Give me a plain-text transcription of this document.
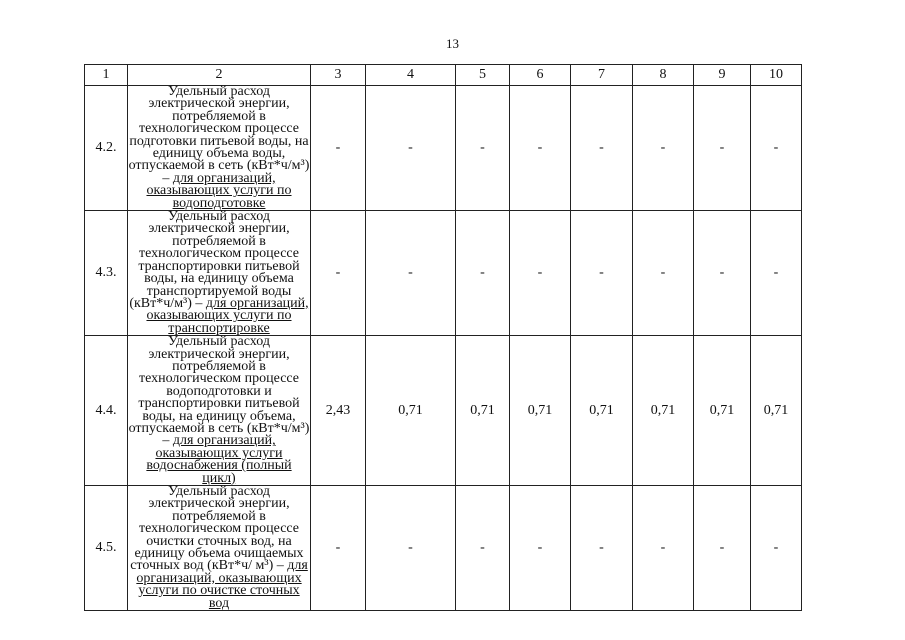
13
1	2	3	4	5	6	7	8	9	10
4.2.	Удельный расход электрической энергии, потребляемой в технологическом процессе подготовки питьевой воды, на единицу объема воды, отпускаемой в сеть (кВт*ч/м³) – для организаций, оказывающих услуги по водоподготовке	-	-	-	-	-	-	-	-
4.3.	Удельный расход электрической энергии, потребляемой в технологическом процессе транспортировки питьевой воды, на единицу объема транспортируемой воды (кВт*ч/м³) – для организаций, оказывающих услуги по транспортировке	-	-	-	-	-	-	-	-
4.4.	Удельный расход электрической энергии, потребляемой в технологическом процессе водоподготовки и транспортировки питьевой воды, на единицу объема, отпускаемой в сеть (кВт*ч/м³) – для организаций, оказывающих услуги водоснабжения (полный цикл)	2,43	0,71	0,71	0,71	0,71	0,71	0,71	0,71
4.5.	Удельный расход электрической энергии, потребляемой в технологическом процессе очистки сточных вод, на единицу объема очищаемых сточных вод (кВт*ч/ м³) – для организаций, оказывающих услуги по очистке сточных вод	-	-	-	-	-	-	-	-
